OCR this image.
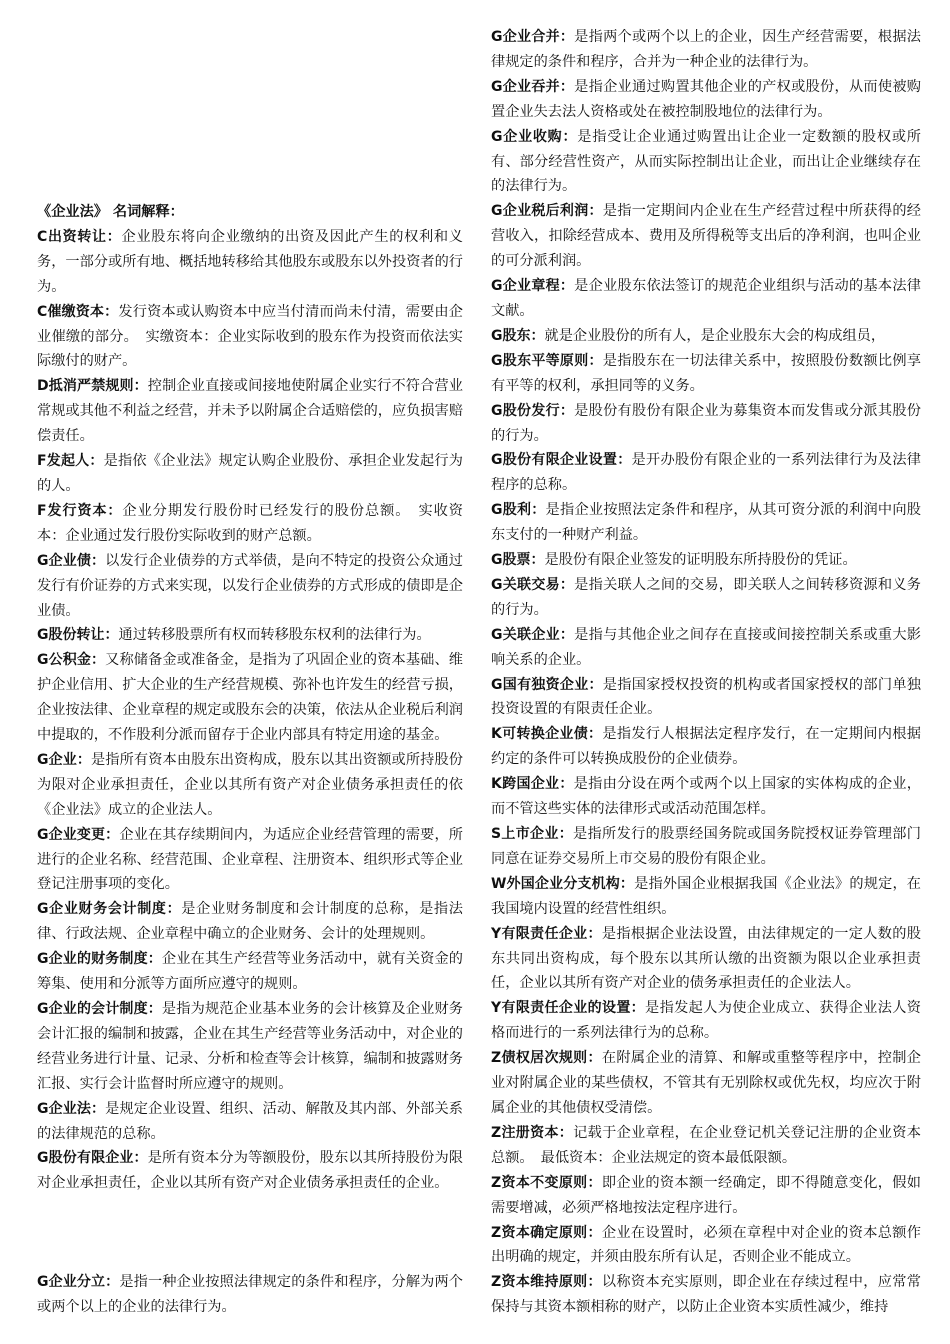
《企业法》 名词解释：

C出资转让：企业股东将向企业缴纳的出资及因此产生的权利和义务，一部分或所有地、概括地转移给其他股东或股东以外投资者的行为。

C催缴资本：发行资本或认购资本中应当付清而尚未付清，需要由企业催缴的部分。　实缴资本：企业实际收到的股东作为投资而依法实际缴付的财产。

D抵消严禁规则：控制企业直接或间接地使附属企业实行不符合营业常规或其他不利益之经营，并未予以附属企合适赔偿的，应负损害赔偿责任。

F发起人：是指依《企业法》规定认购企业股份、承担企业发起行为的人。

F发行资本：企业分期发行股份时已经发行的股份总额。　实收资本：企业通过发行股份实际收到的财产总额。

G企业债：以发行企业债券的方式举债，是向不特定的投资公众通过发行有价证券的方式来实现，以发行企业债券的方式形成的债即是企业债。

G股份转让：通过转移股票所有权而转移股东权利的法律行为。

G公积金：又称储备金或准备金，是指为了巩固企业的资本基础、维护企业信用、扩大企业的生产经营规模、弥补也许发生的经营亏损，企业按法律、企业章程的规定或股东会的决策，依法从企业税后利润中提取的，不作股利分派而留存于企业内部具有特定用途的基金。

G企业：是指所有资本由股东出资构成，股东以其出资额或所持股份为限对企业承担责任，企业以其所有资产对企业债务承担责任的依《企业法》成立的企业法人。

G企业变更：企业在其存续期间内，为适应企业经营管理的需要，所进行的企业名称、经营范围、企业章程、注册资本、组织形式等企业登记注册事项的变化。

G企业财务会计制度：是企业财务制度和会计制度的总称，是指法律、行政法规、企业章程中确立的企业财务、会计的处理规则。

G企业的财务制度：企业在其生产经营等业务活动中，就有关资金的筹集、使用和分派等方面所应遵守的规则。

G企业的会计制度：是指为规范企业基本业务的会计核算及企业财务会计汇报的编制和披露，企业在其生产经营等业务活动中，对企业的经营业务进行计量、记录、分析和检查等会计核算，编制和披露财务汇报、实行会计监督时所应遵守的规则。

G企业法：是规定企业设置、组织、活动、解散及其内部、外部关系的法律规范的总称。

G股份有限企业：是所有资本分为等额股份，股东以其所持股份为限对企业承担责任，企业以其所有资产对企业债务承担责任的企业。

G企业分立：是指一种企业按照法律规定的条件和程序，分解为两个或两个以上的企业的法律行为。

G企业合并：是指两个或两个以上的企业，因生产经营需要，根据法律规定的条件和程序，合并为一种企业的法律行为。

G企业吞并：是指企业通过购置其他企业的产权或股份，从而使被购置企业失去法人资格或处在被控制股地位的法律行为。

G企业收购：是指受让企业通过购置出让企业一定数额的股权或所有、部分经营性资产，从而实际控制出让企业，而出让企业继续存在的法律行为。

G企业税后利润：是指一定期间内企业在生产经营过程中所获得的经营收入，扣除经营成本、费用及所得税等支出后的净利润，也叫企业的可分派利润。

G企业章程：是企业股东依法签订的规范企业组织与活动的基本法律文献。

G股东：就是企业股份的所有人，是企业股东大会的构成组员，

G股东平等原则：是指股东在一切法律关系中，按照股份数额比例享有平等的权利，承担同等的义务。

G股份发行：是股份有股份有限企业为募集资本而发售或分派其股份的行为。

G股份有限企业设置：是开办股份有限企业的一系列法律行为及法律程序的总称。

G股利：是指企业按照法定条件和程序，从其可资分派的利润中向股东支付的一种财产利益。

G股票：是股份有限企业签发的证明股东所持股份的凭证。

G关联交易：是指关联人之间的交易，即关联人之间转移资源和义务的行为。

G关联企业：是指与其他企业之间存在直接或间接控制关系或重大影响关系的企业。

G国有独资企业：是指国家授权投资的机构或者国家授权的部门单独投资设置的有限责任企业。

K可转换企业债：是指发行人根据法定程序发行，在一定期间内根据约定的条件可以转换成股份的企业债券。

K跨国企业：是指由分设在两个或两个以上国家的实体构成的企业，而不管这些实体的法律形式或活动范围怎样。

S上市企业：是指所发行的股票经国务院或国务院授权证券管理部门同意在证券交易所上市交易的股份有限企业。

W外国企业分支机构：是指外国企业根据我国《企业法》的规定，在我国境内设置的经营性组织。

Y有限责任企业：是指根据企业法设置，由法律规定的一定人数的股东共同出资构成，每个股东以其所认缴的出资额为限以企业承担责任，企业以其所有资产对企业的债务承担责任的企业法人。

Y有限责任企业的设置：是指发起人为使企业成立、获得企业法人资格而进行的一系列法律行为的总称。

Z债权居次规则：在附属企业的清算、和解或重整等程序中，控制企业对附属企业的某些债权，不管其有无别除权或优先权，均应次于附属企业的其他债权受清偿。

Z注册资本：记载于企业章程，在企业登记机关登记注册的企业资本总额。　最低资本：企业法规定的资本最低限额。

Z资本不变原则：即企业的资本额一经确定，即不得随意变化，假如需要增减，必须严格地按法定程序进行。

Z资本确定原则：企业在设置时，必须在章程中对企业的资本总额作出明确的规定，并须由股东所有认足，否则企业不能成立。

Z资本维持原则：以称资本充实原则，即企业在存续过程中，应常常保持与其资本额相称的财产，以防止企业资本实质性减少，维持
